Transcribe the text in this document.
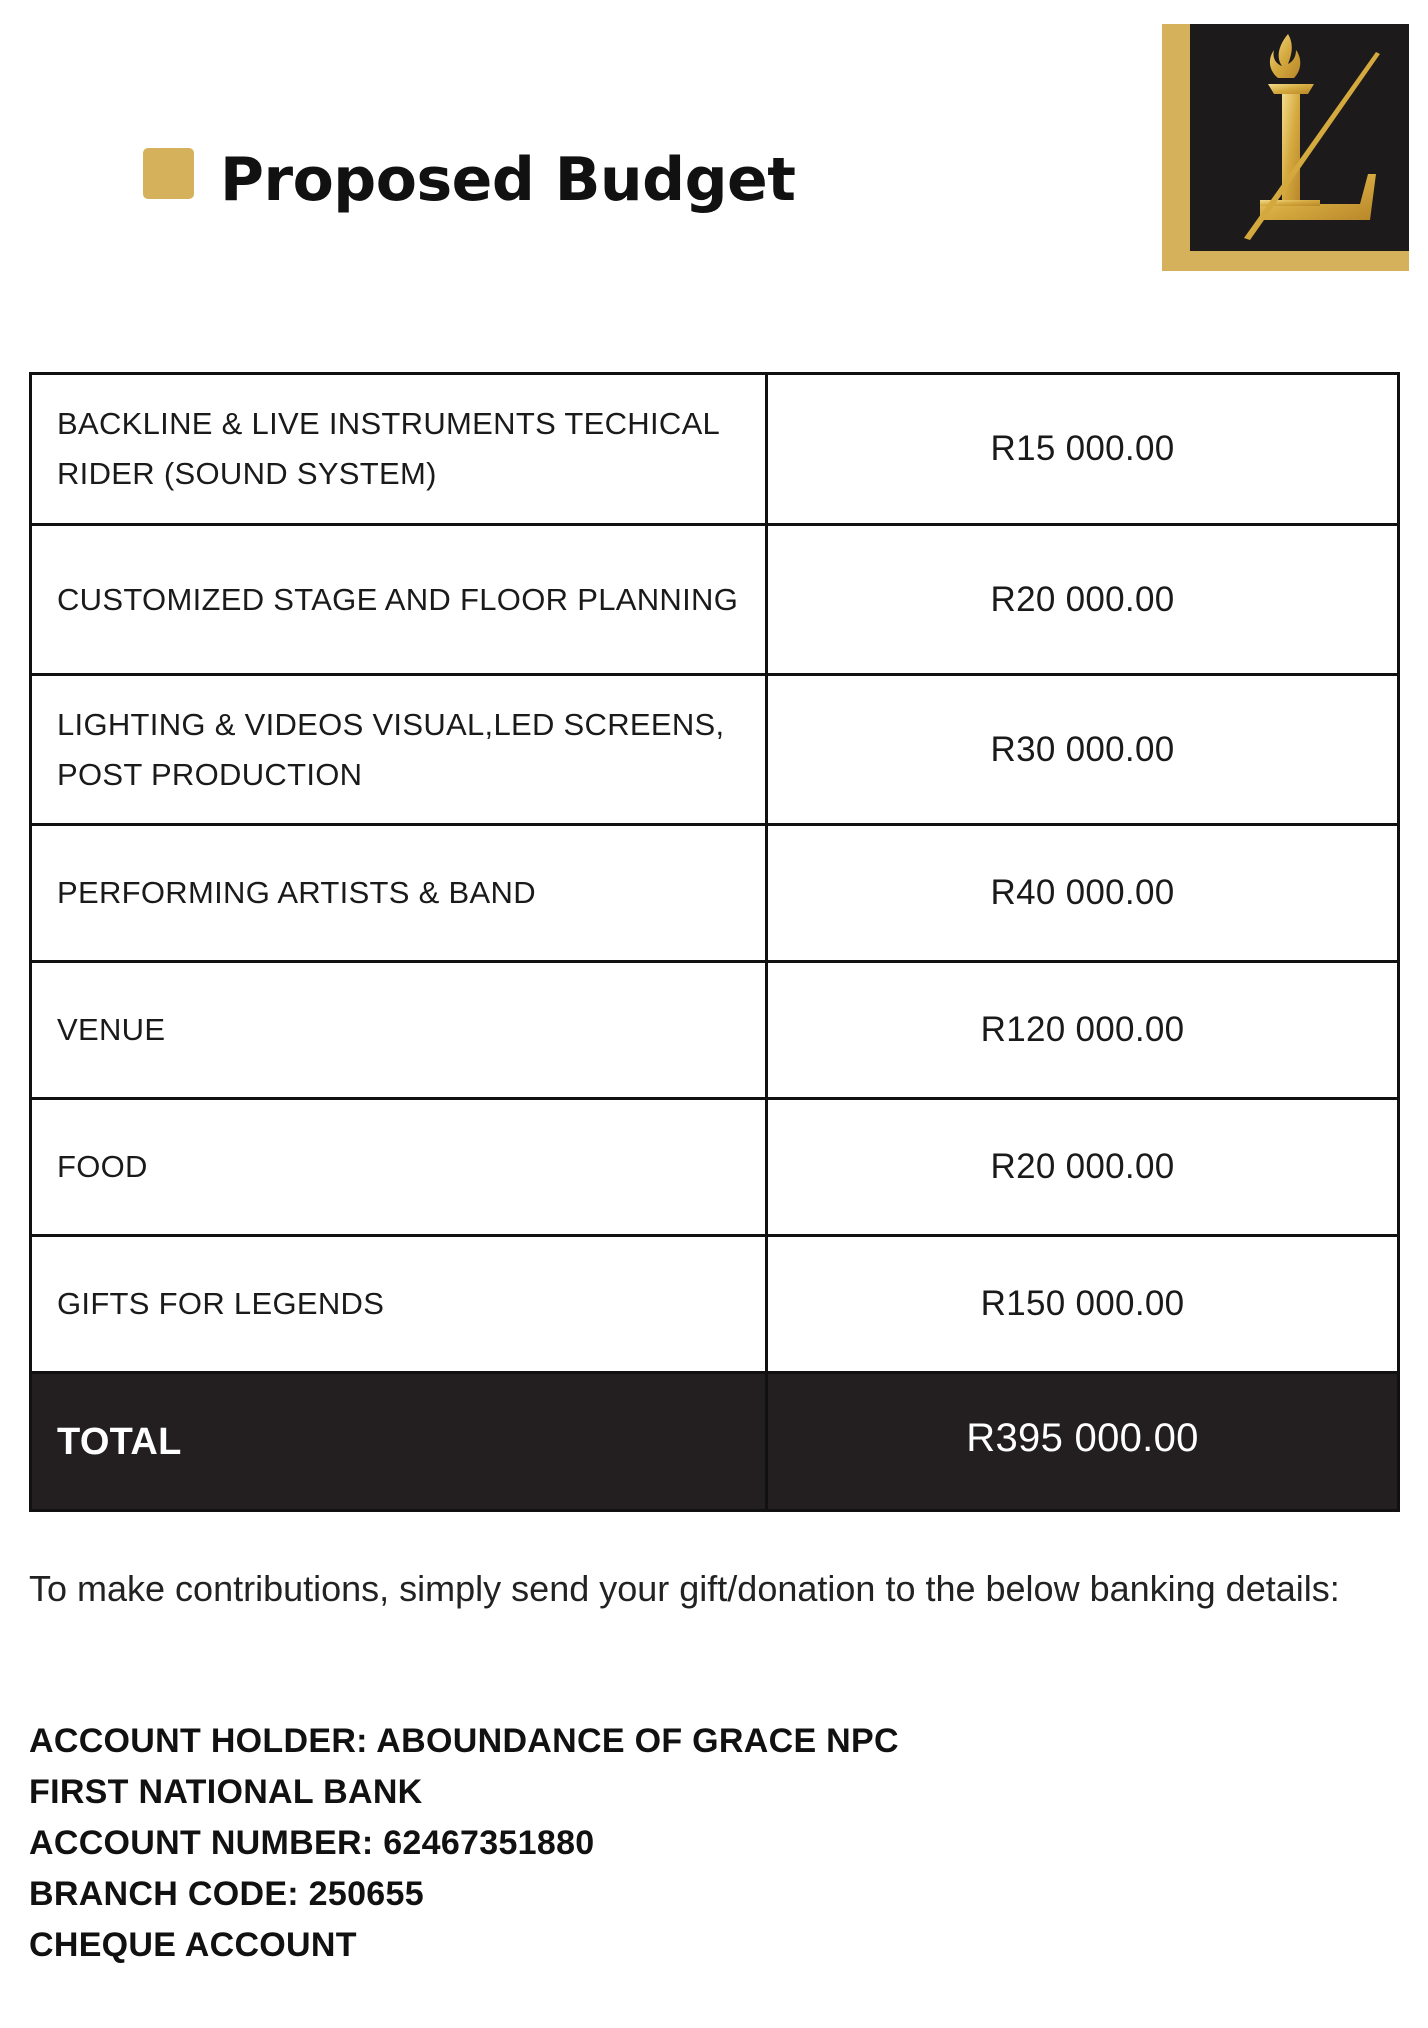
Proposed Budget
BACKLINE & LIVE INSTRUMENTS TECHICAL RIDER (SOUND SYSTEM)	R15 000.00
CUSTOMIZED STAGE AND FLOOR PLANNING	R20 000.00
LIGHTING & VIDEOS VISUAL,LED SCREENS, POST PRODUCTION	R30 000.00
PERFORMING ARTISTS & BAND	R40 000.00
VENUE	R120 000.00
FOOD	R20 000.00
GIFTS FOR LEGENDS	R150 000.00
TOTAL	R395 000.00

To make contributions, simply send your gift/donation to the below banking details:

ACCOUNT HOLDER: ABOUNDANCE OF GRACE NPC
FIRST NATIONAL BANK
ACCOUNT NUMBER: 62467351880
BRANCH CODE: 250655
CHEQUE ACCOUNT
